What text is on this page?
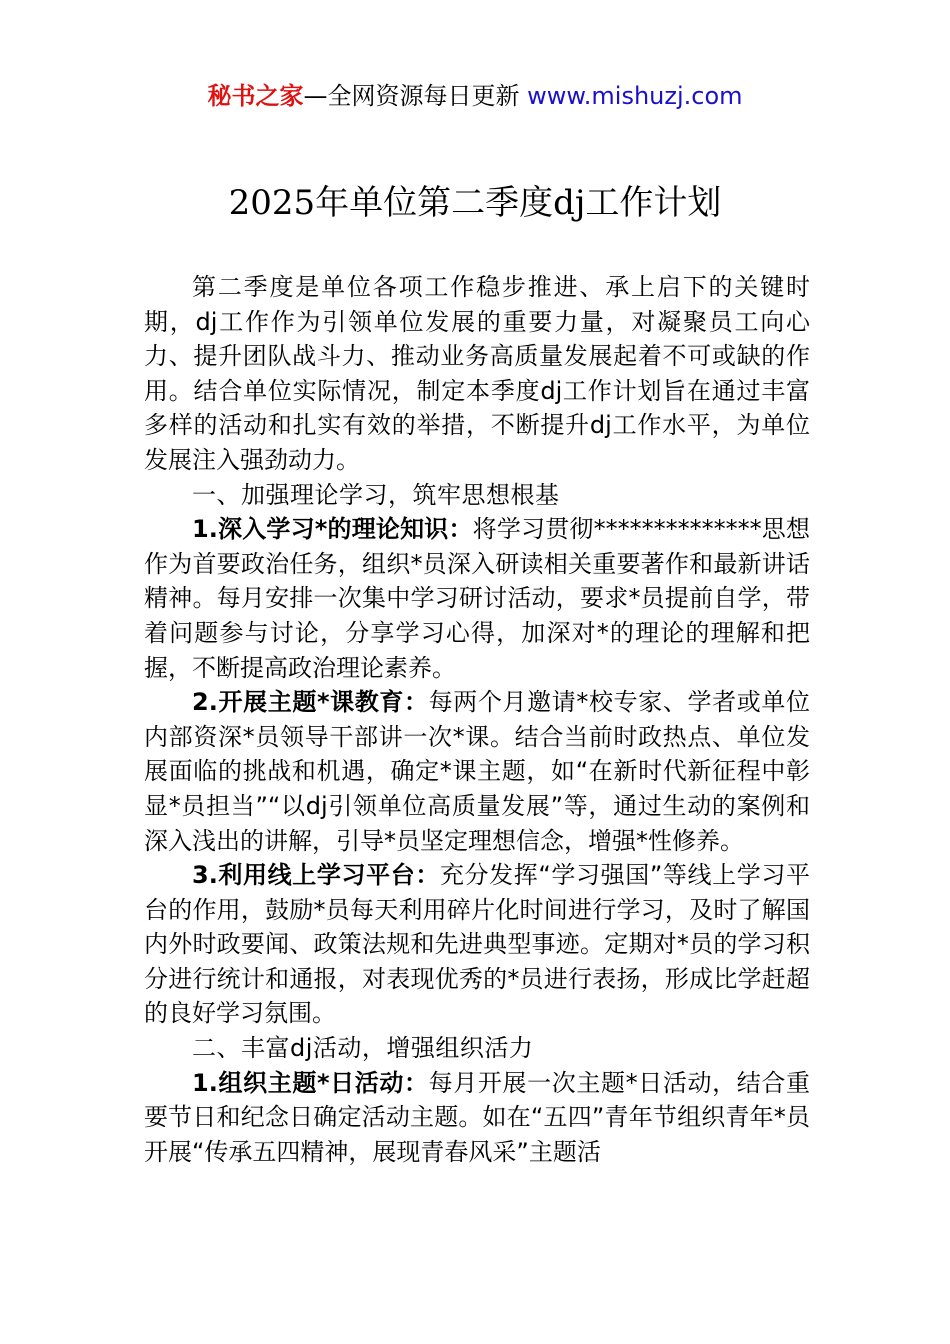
秘书之家—全网资源每日更新 www.mishuzj.com
2025年单位第二季度dj工作计划

第二季度是单位各项工作稳步推进、承上启下的关键时期，dj工作作为引领单位发展的重要力量，对凝聚员工向心力、提升团队战斗力、推动业务高质量发展起着不可或缺的作用。结合单位实际情况，制定本季度dj工作计划旨在通过丰富多样的活动和扎实有效的举措，不断提升dj工作水平，为单位发展注入强劲动力。

一、加强理论学习，筑牢思想根基

1.深入学习*的理论知识：将学习贯彻**************思想作为首要政治任务，组织*员深入研读相关重要著作和最新讲话精神。每月安排一次集中学习研讨活动，要求*员提前自学，带着问题参与讨论，分享学习心得，加深对*的理论的理解和把握，不断提高政治理论素养。

2.开展主题*课教育：每两个月邀请*校专家、学者或单位内部资深*员领导干部讲一次*课。结合当前时政热点、单位发展面临的挑战和机遇，确定*课主题，如“在新时代新征程中彰显*员担当”“以dj引领单位高质量发展”等，通过生动的案例和深入浅出的讲解，引导*员坚定理想信念，增强*性修养。

3.利用线上学习平台：充分发挥“学习强国”等线上学习平台的作用，鼓励*员每天利用碎片化时间进行学习，及时了解国内外时政要闻、政策法规和先进典型事迹。定期对*员的学习积分进行统计和通报，对表现优秀的*员进行表扬，形成比学赶超的良好学习氛围。

二、丰富dj活动，增强组织活力

1.组织主题*日活动：每月开展一次主题*日活动，结合重要节日和纪念日确定活动主题。如在“五四”青年节组织青年*员开展“传承五四精神，展现青春风采”主题活
